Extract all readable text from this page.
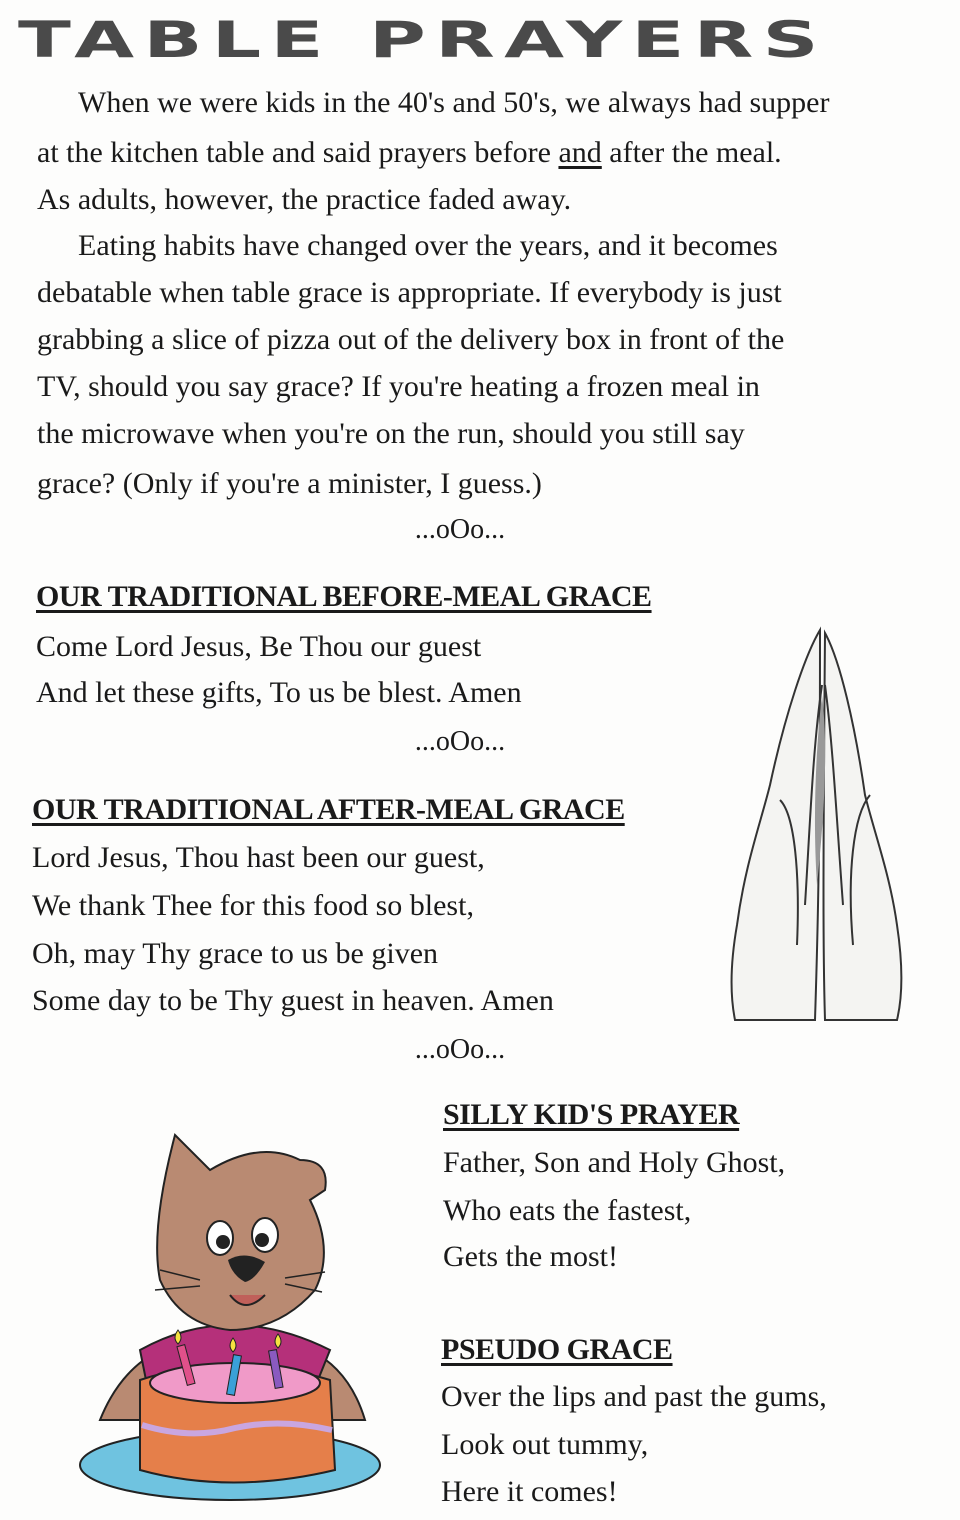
TABLE PRAYERS
When we were kids in the 40's and 50's, we always had supper
at the kitchen table and said prayers before and after the meal.
As adults, however, the practice faded away.
Eating habits have changed over the years, and it becomes
debatable when table grace is appropriate. If everybody is just
grabbing a slice of pizza out of the delivery box in front of the
TV, should you say grace? If you're heating a frozen meal in
the microwave when you're on the run, should you still say
grace? (Only if you're a minister, I guess.)
...oOo...
OUR TRADITIONAL BEFORE-MEAL GRACE
Come Lord Jesus, Be Thou our guest
And let these gifts, To us be blest. Amen
...oOo...
OUR TRADITIONAL AFTER-MEAL GRACE
Lord Jesus, Thou hast been our guest,
We thank Thee for this food so blest,
Oh, may Thy grace to us be given
Some day to be Thy guest in heaven. Amen
...oOo...
SILLY KID'S PRAYER
Father, Son and Holy Ghost,
Who eats the fastest,
Gets the most!
PSEUDO GRACE
Over the lips and past the gums,
Look out tummy,
Here it comes!
